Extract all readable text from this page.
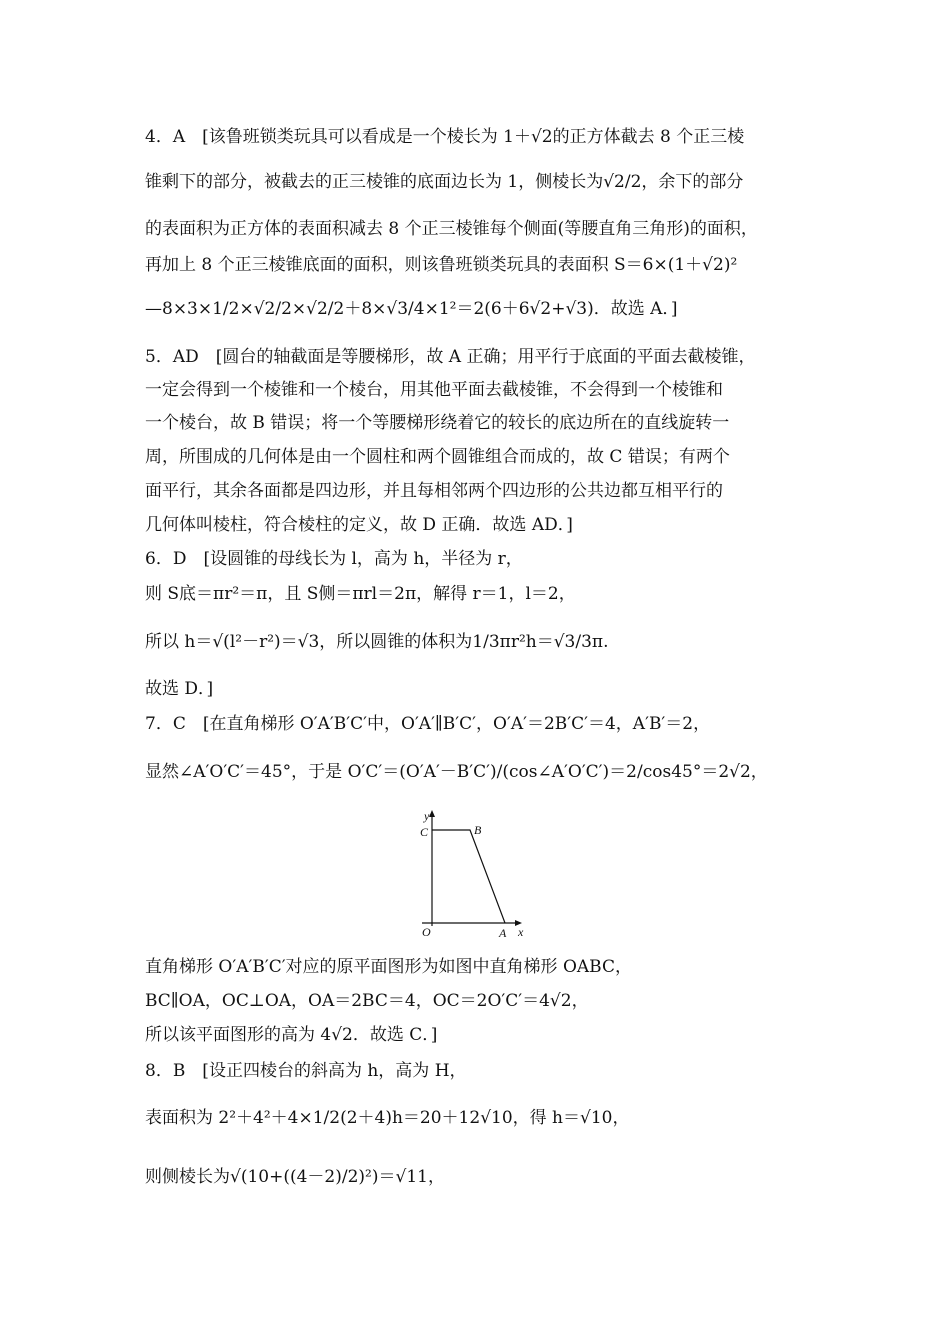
4．A　[该鲁班锁类玩具可以看成是一个棱长为 1＋√2的正方体截去 8 个正三棱
锥剩下的部分，被截去的正三棱锥的底面边长为 1，侧棱长为√2/2，余下的部分
的表面积为正方体的表面积减去 8 个正三棱锥每个侧面(等腰直角三角形)的面积，
再加上 8 个正三棱锥底面的面积，则该鲁班锁类玩具的表面积 S＝6×(1＋√2)²
—8×3×1/2×√2/2×√2/2＋8×√3/4×1²＝2(6＋6√2+√3)．故选 A．]
5．AD　[圆台的轴截面是等腰梯形，故 A 正确；用平行于底面的平面去截棱锥，
一定会得到一个棱锥和一个棱台，用其他平面去截棱锥，不会得到一个棱锥和
一个棱台，故 B 错误；将一个等腰梯形绕着它的较长的底边所在的直线旋转一
周，所围成的几何体是由一个圆柱和两个圆锥组合而成的，故 C 错误；有两个
面平行，其余各面都是四边形，并且每相邻两个四边形的公共边都互相平行的
几何体叫棱柱，符合棱柱的定义，故 D 正确．故选 AD．]
6．D　[设圆锥的母线长为 l，高为 h，半径为 r，
则 S底＝πr²＝π，且 S侧＝πrl＝2π，解得 r＝1，l＝2，
所以 h＝√(l²－r²)＝√3，所以圆锥的体积为1/3πr²h＝√3/3π.
故选 D．]
7．C　[在直角梯形 O′A′B′C′中，O′A′∥B′C′，O′A′＝2B′C′＝4，A′B′＝2，
显然∠A′O′C′＝45°，于是 O′C′＝(O′A′－B′C′)/(cos∠A′O′C′)＝2/cos45°＝2√2，
y
C	B
O	A x
直角梯形 O′A′B′C′对应的原平面图形为如图中直角梯形 OABC，
BC∥OA，OC⊥OA，OA＝2BC＝4，OC＝2O′C′＝4√2，
所以该平面图形的高为 4√2．故选 C．]
8．B　[设正四棱台的斜高为 h，高为 H，
表面积为 2²＋4²＋4×1/2(2＋4)h＝20＋12√10，得 h＝√10，
则侧棱长为√(10+((4－2)/2)²)＝√11，
